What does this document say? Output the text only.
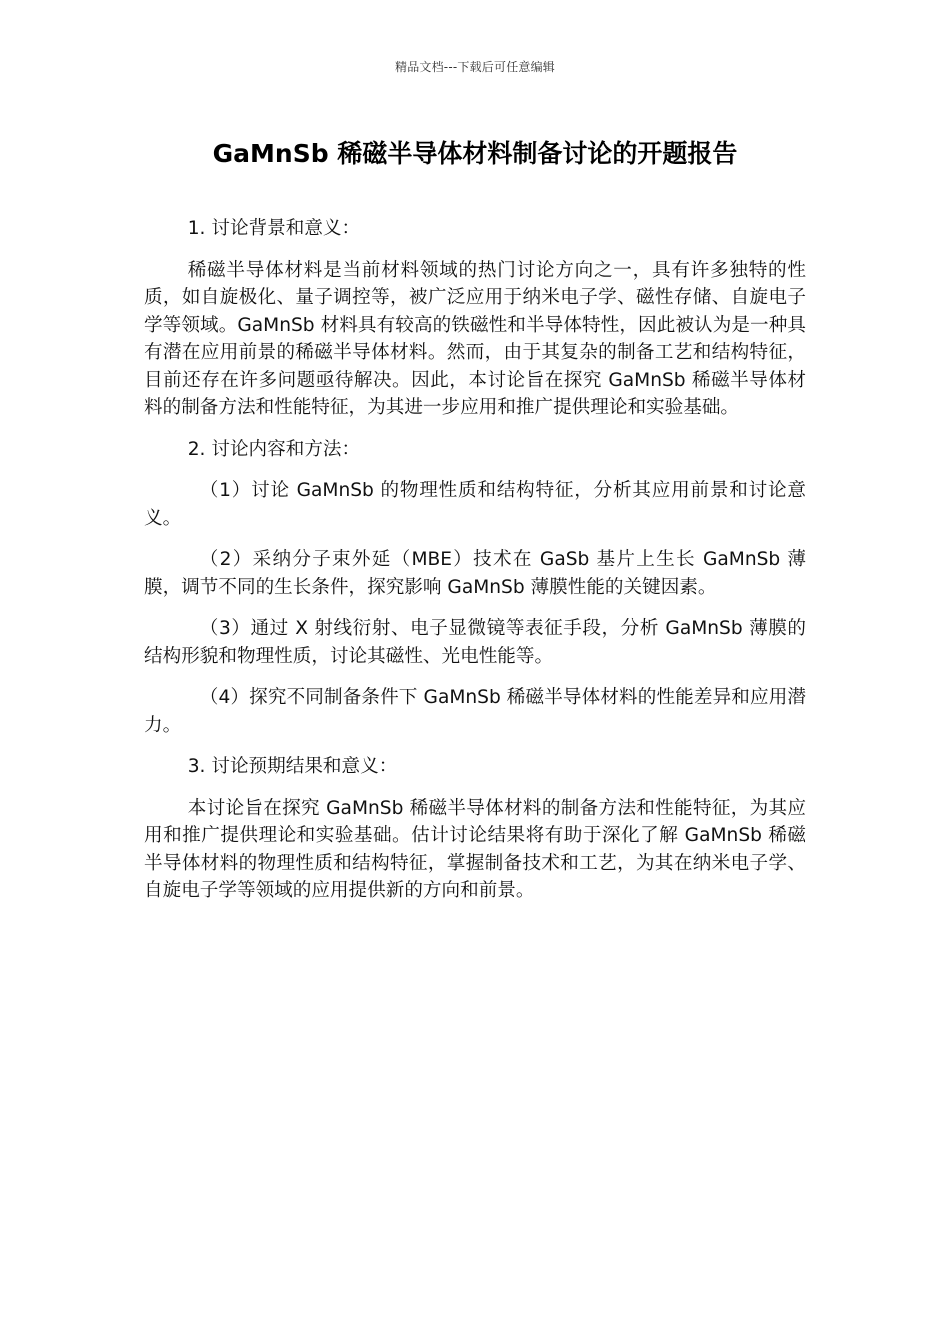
精品文档---下载后可任意编辑
GaMnSb 稀磁半导体材料制备讨论的开题报告

1. 讨论背景和意义：

稀磁半导体材料是当前材料领域的热门讨论方向之一，具有许多独特的性质，如自旋极化、量子调控等，被广泛应用于纳米电子学、磁性存储、自旋电子学等领域。GaMnSb 材料具有较高的铁磁性和半导体特性，因此被认为是一种具有潜在应用前景的稀磁半导体材料。然而，由于其复杂的制备工艺和结构特征，目前还存在许多问题亟待解决。因此，本讨论旨在探究 GaMnSb 稀磁半导体材料的制备方法和性能特征，为其进一步应用和推广提供理论和实验基础。

2. 讨论内容和方法：

（1）讨论 GaMnSb 的物理性质和结构特征，分析其应用前景和讨论意义。

（2）采纳分子束外延（MBE）技术在 GaSb 基片上生长 GaMnSb 薄膜，调节不同的生长条件，探究影响 GaMnSb 薄膜性能的关键因素。

（3）通过 X 射线衍射、电子显微镜等表征手段，分析 GaMnSb 薄膜的结构形貌和物理性质，讨论其磁性、光电性能等。

（4）探究不同制备条件下 GaMnSb 稀磁半导体材料的性能差异和应用潜力。

3. 讨论预期结果和意义：

本讨论旨在探究 GaMnSb 稀磁半导体材料的制备方法和性能特征，为其应用和推广提供理论和实验基础。估计讨论结果将有助于深化了解 GaMnSb 稀磁半导体材料的物理性质和结构特征，掌握制备技术和工艺，为其在纳米电子学、自旋电子学等领域的应用提供新的方向和前景。
